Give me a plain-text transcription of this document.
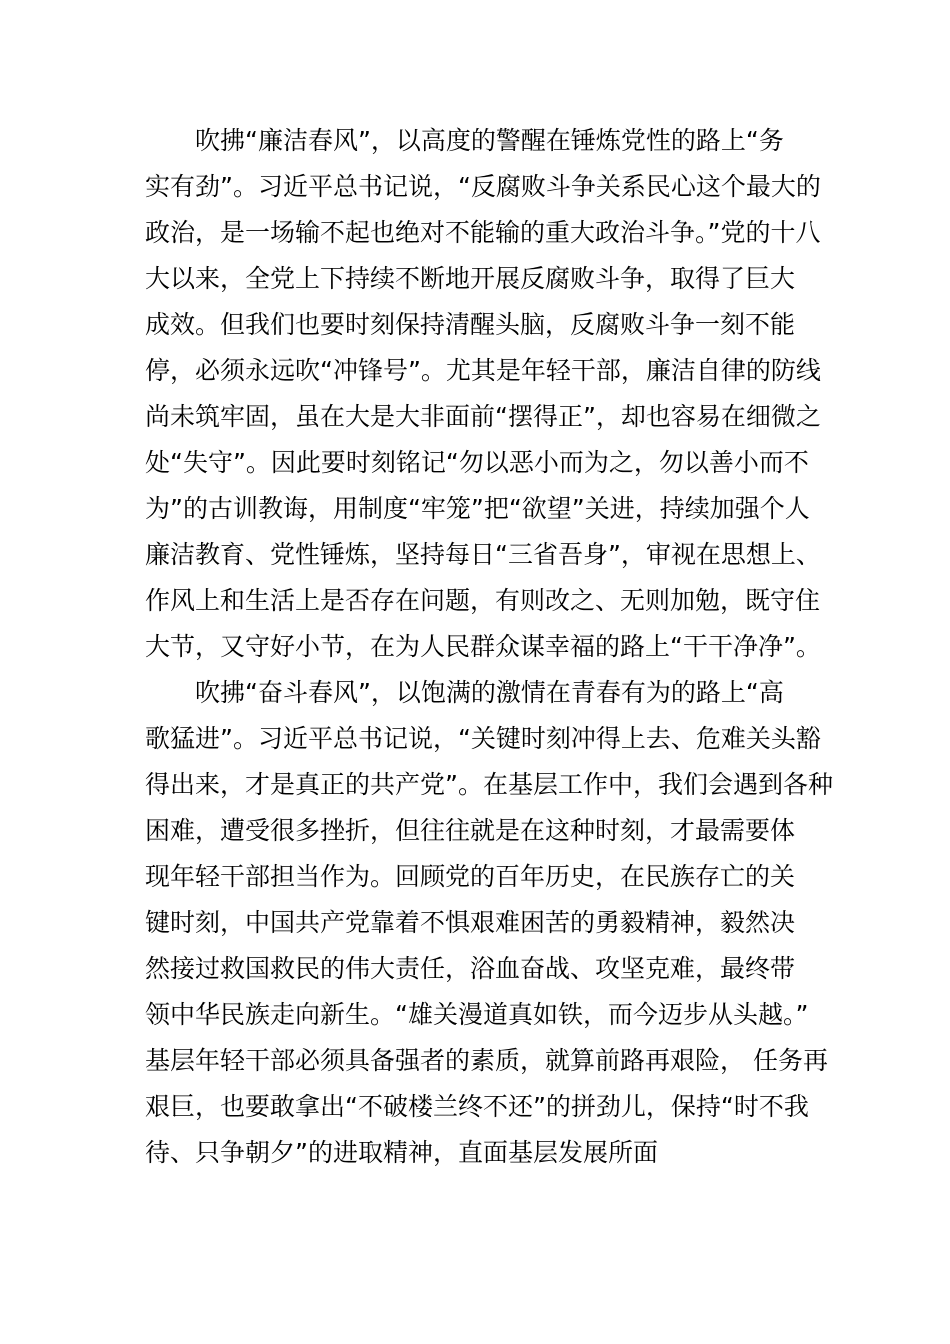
吹拂“廉洁春风”，以高度的警醒在锤炼党性的路上“务
实有劲”。习近平总书记说，“反腐败斗争关系民心这个最大的
政治，是一场输不起也绝对不能输的重大政治斗争。”党的十八
大以来，全党上下持续不断地开展反腐败斗争，取得了巨大
成效。但我们也要时刻保持清醒头脑，反腐败斗争一刻不能
停，必须永远吹“冲锋号”。尤其是年轻干部，廉洁自律的防线
尚未筑牢固，虽在大是大非面前“摆得正”，却也容易在细微之
处“失守”。因此要时刻铭记“勿以恶小而为之，勿以善小而不
为”的古训教诲，用制度“牢笼”把“欲望”关进，持续加强个人
廉洁教育、党性锤炼，坚持每日“三省吾身”，审视在思想上、
作风上和生活上是否存在问题，有则改之、无则加勉，既守住
大节，又守好小节，在为人民群众谋幸福的路上“干干净净”。
吹拂“奋斗春风”，以饱满的激情在青春有为的路上“高
歌猛进”。习近平总书记说，“关键时刻冲得上去、危难关头豁
得出来，才是真正的共产党”。在基层工作中，我们会遇到各种
困难，遭受很多挫折，但往往就是在这种时刻，才最需要体
现年轻干部担当作为。回顾党的百年历史，在民族存亡的关
键时刻，中国共产党靠着不惧艰难困苦的勇毅精神，毅然决
然接过救国救民的伟大责任，浴血奋战、攻坚克难，最终带
领中华民族走向新生。“雄关漫道真如铁，而今迈步从头越。”
基层年轻干部必须具备强者的素质，就算前路再艰险， 任务再
艰巨，也要敢拿出“不破楼兰终不还”的拼劲儿，保持“时不我
待、只争朝夕”的进取精神，直面基层发展所面
